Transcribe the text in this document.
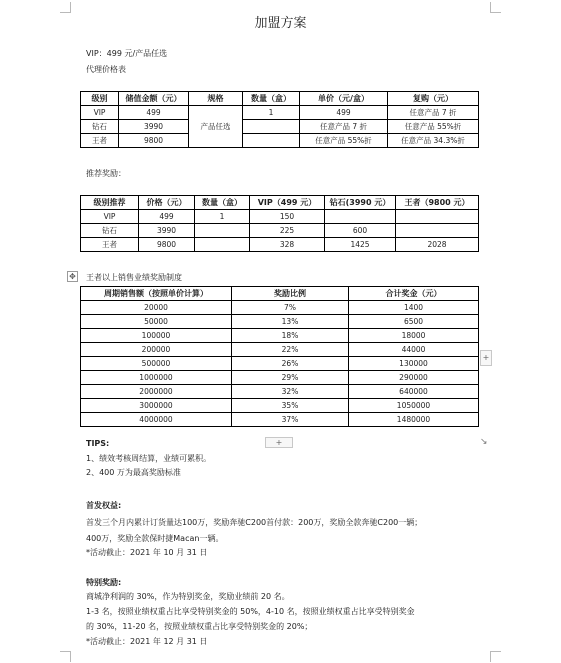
加盟方案
VIP：499 元/产品任选
代理价格表
级别	储值金额（元）	规格	数量（盒）	单价（元/盒）	复购（元）
VIP	499	产品任选	1	499	任意产品 7 折
钻石	3990			任意产品 7 折	任意产品 55%折
王者	9800			任意产品 55%折	任意产品 34.3%折
推荐奖励：
级别推荐	价格（元）	数量（盒）	VIP（499 元）	钻石(3990 元）	王者（9800 元）
VIP	499	1	150		
钻石	3990		225	600	
王者	9800		328	1425	2028
✥ 王者以上销售业绩奖励制度
周期销售额（按照单价计算）	奖励比例	合计奖金（元）
20000	7%	1400
50000	13%	6500
100000	18%	18000
200000	22%	44000
500000	26%	130000
1000000	29%	290000
2000000	32%	640000
3000000	35%	1050000
4000000	37%	1480000
+
+	↘
TIPS:
1、绩效考核周结算，业绩可累积。
2、400 万为最高奖励标准
首发权益:
首发三个月内累计订货量达100万，奖励奔驰C200首付款：200万，奖励全款奔驰C200一辆；
400万，奖励全款保时捷Macan一辆。
*活动截止：2021 年 10 月 31 日
特别奖励:
商城净利润的 30%，作为特别奖金，奖励业绩前 20 名。
1-3 名，按照业绩权重占比享受特别奖金的 50%，4-10 名，按照业绩权重占比享受特别奖金
的 30%，11-20 名，按照业绩权重占比享受特别奖金的 20%；
*活动截止：2021 年 12 月 31 日
